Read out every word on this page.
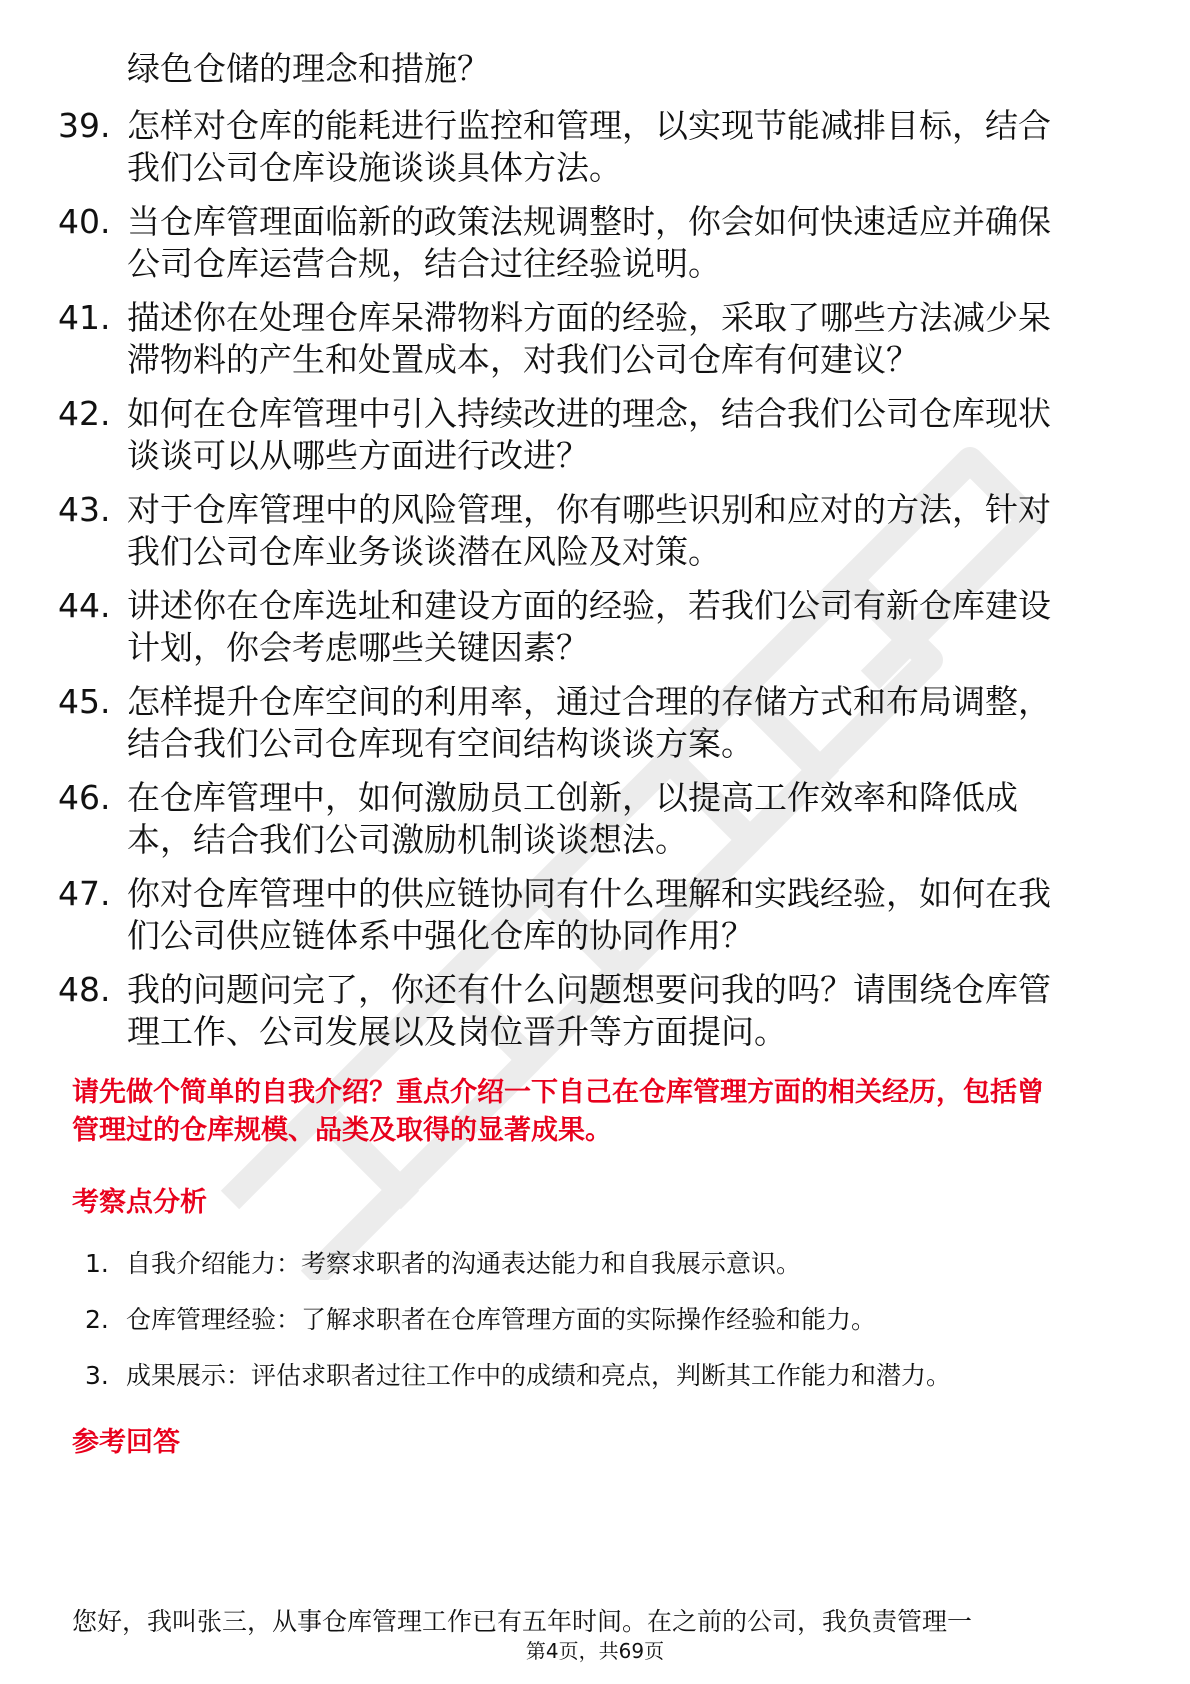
绿色仓储的理念和措施？
39. 怎样对仓库的能耗进行监控和管理，以实现节能减排目标，结合
我们公司仓库设施谈谈具体方法。
40. 当仓库管理面临新的政策法规调整时，你会如何快速适应并确保
公司仓库运营合规，结合过往经验说明。
41. 描述你在处理仓库呆滞物料方面的经验，采取了哪些方法减少呆
滞物料的产生和处置成本，对我们公司仓库有何建议？
42. 如何在仓库管理中引入持续改进的理念，结合我们公司仓库现状
谈谈可以从哪些方面进行改进？
43. 对于仓库管理中的风险管理，你有哪些识别和应对的方法，针对
我们公司仓库业务谈谈潜在风险及对策。
44. 讲述你在仓库选址和建设方面的经验，若我们公司有新仓库建设
计划，你会考虑哪些关键因素？
45. 怎样提升仓库空间的利用率，通过合理的存储方式和布局调整，
结合我们公司仓库现有空间结构谈谈方案。
46. 在仓库管理中，如何激励员工创新，以提高工作效率和降低成
本，结合我们公司激励机制谈谈想法。
47. 你对仓库管理中的供应链协同有什么理解和实践经验，如何在我
们公司供应链体系中强化仓库的协同作用？
48. 我的问题问完了，你还有什么问题想要问我的吗？请围绕仓库管
理工作、公司发展以及岗位晋升等方面提问。
请先做个简单的自我介绍？重点介绍一下自己在仓库管理方面的相关经历，包括曾
管理过的仓库规模、品类及取得的显著成果。
考察点分析
1. 自我介绍能力：考察求职者的沟通表达能力和自我展示意识。
2. 仓库管理经验：了解求职者在仓库管理方面的实际操作经验和能力。
3. 成果展示：评估求职者过往工作中的成绩和亮点，判断其工作能力和潜力。
参考回答
您好，我叫张三，从事仓库管理工作已有五年时间。在之前的公司，我负责管理一
第4页，共69页
